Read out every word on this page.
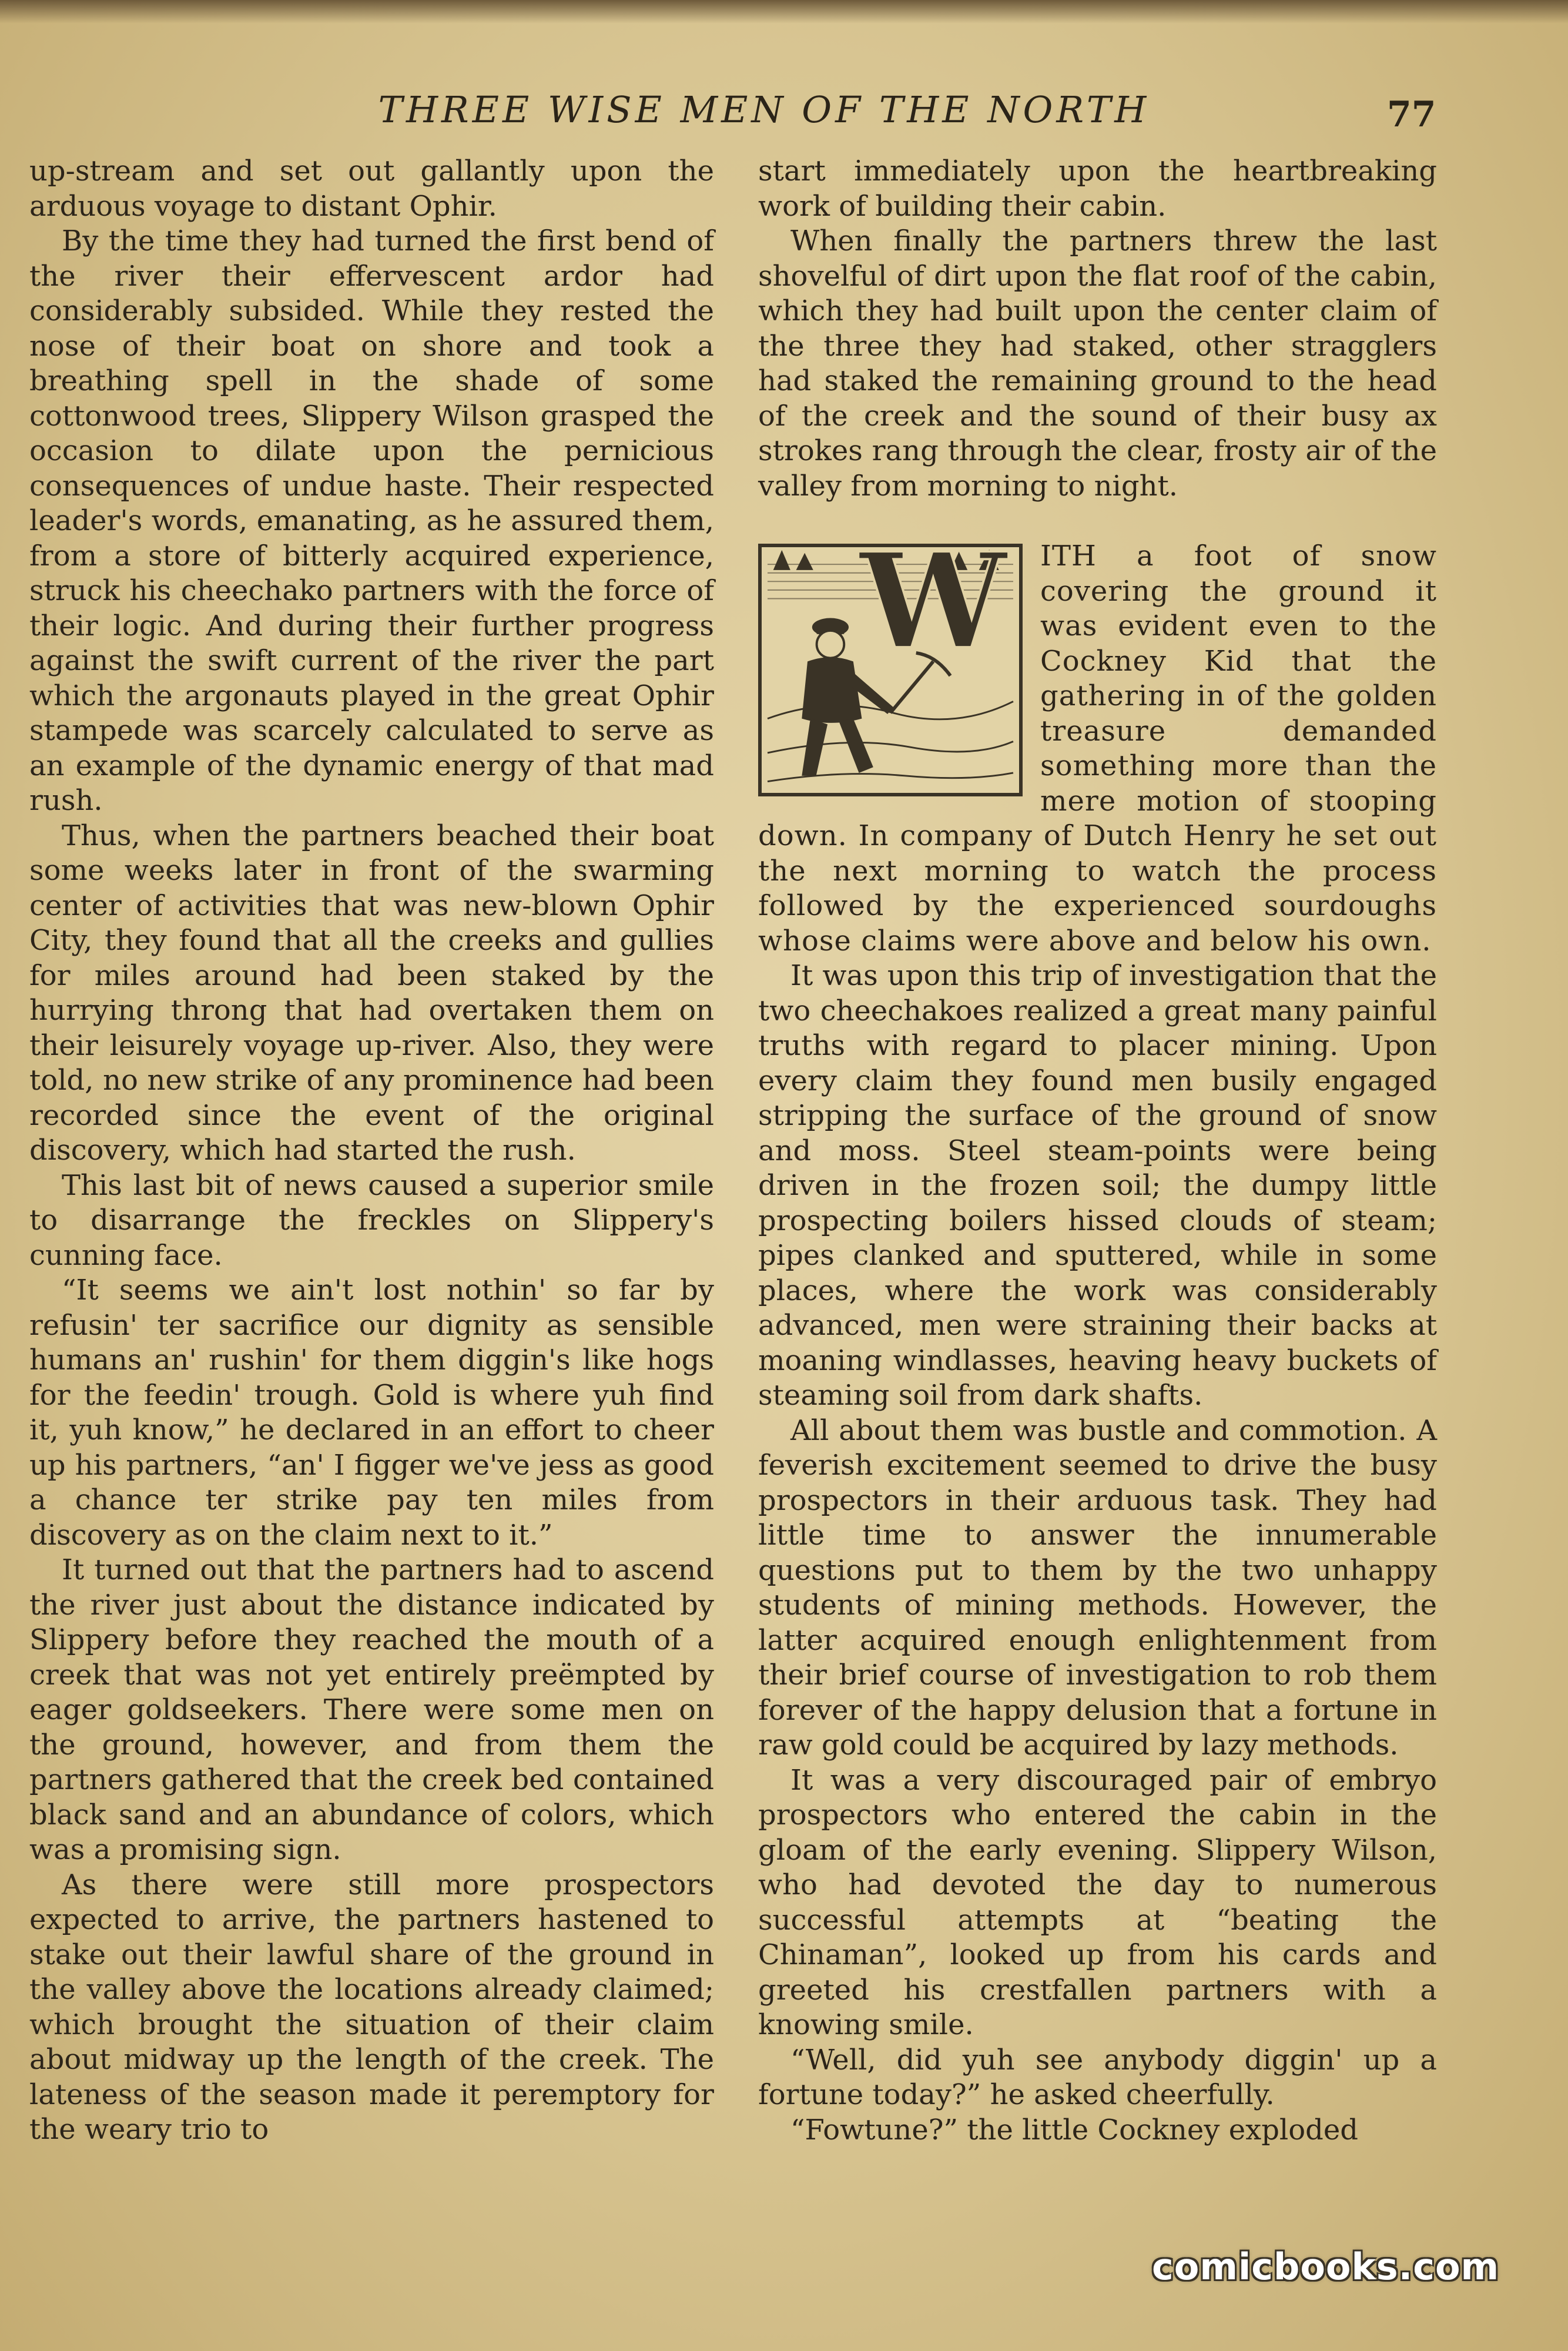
THREE WISE MEN OF THE NORTH	77

up-stream and set out gallantly upon the arduous voyage to distant Ophir.

By the time they had turned the first bend of the river their effervescent ardor had considerably subsided. While they rested the nose of their boat on shore and took a breathing spell in the shade of some cottonwood trees, Slippery Wilson grasped the occasion to dilate upon the pernicious consequences of undue haste. Their respected leader's words, emanating, as he assured them, from a store of bitterly acquired experience, struck his cheechako partners with the force of their logic. And during their further progress against the swift current of the river the part which the argonauts played in the great Ophir stampede was scarcely calculated to serve as an example of the dynamic energy of that mad rush.

Thus, when the partners beached their boat some weeks later in front of the swarming center of activities that was new-blown Ophir City, they found that all the creeks and gullies for miles around had been staked by the hurrying throng that had overtaken them on their leisurely voyage up-river. Also, they were told, no new strike of any prominence had been recorded since the event of the original discovery, which had started the rush.

This last bit of news caused a superior smile to disarrange the freckles on Slippery's cunning face.

“It seems we ain't lost nothin' so far by refusin' ter sacrifice our dignity as sensible humans an' rushin' for them diggin's like hogs for the feedin' trough. Gold is where yuh find it, yuh know,” he declared in an effort to cheer up his partners, “an' I figger we've jess as good a chance ter strike pay ten miles from discovery as on the claim next to it.”

It turned out that the partners had to ascend the river just about the distance indicated by Slippery before they reached the mouth of a creek that was not yet entirely preëmpted by eager goldseekers. There were some men on the ground, however, and from them the partners gathered that the creek bed contained black sand and an abundance of colors, which was a promising sign.

As there were still more prospectors expected to arrive, the partners hastened to stake out their lawful share of the ground in the valley above the locations already claimed; which brought the situation of their claim about midway up the length of the creek. The lateness of the season made it peremptory for the weary trio to

start immediately upon the heartbreaking work of building their cabin.

When finally the partners threw the last shovelful of dirt upon the flat roof of the cabin, which they had built upon the center claim of the three they had staked, other stragglers had staked the remaining ground to the head of the creek and the sound of their busy ax strokes rang through the clear, frosty air of the valley from morning to night.

W ITH a foot of snow covering the ground it was evident even to the Cockney Kid that the gathering in of the golden treasure demanded something more than the mere motion of stooping down. In company of Dutch Henry he set out the next morning to watch the process followed by the experienced sourdoughs whose claims were above and below his own.

It was upon this trip of investigation that the two cheechakoes realized a great many painful truths with regard to placer mining. Upon every claim they found men busily engaged stripping the surface of the ground of snow and moss. Steel steam-points were being driven in the frozen soil; the dumpy little prospecting boilers hissed clouds of steam; pipes clanked and sputtered, while in some places, where the work was considerably advanced, men were straining their backs at moaning windlasses, heaving heavy buckets of steaming soil from dark shafts.

All about them was bustle and commotion. A feverish excitement seemed to drive the busy prospectors in their arduous task. They had little time to answer the innumerable questions put to them by the two unhappy students of mining methods. However, the latter acquired enough enlightenment from their brief course of investigation to rob them forever of the happy delusion that a fortune in raw gold could be acquired by lazy methods.

It was a very discouraged pair of embryo prospectors who entered the cabin in the gloam of the early evening. Slippery Wilson, who had devoted the day to numerous successful attempts at “beating the Chinaman”, looked up from his cards and greeted his crestfallen partners with a knowing smile.

“Well, did yuh see anybody diggin' up a fortune today?” he asked cheerfully.

“Fowtune?” the little Cockney exploded

comicbooks.com
